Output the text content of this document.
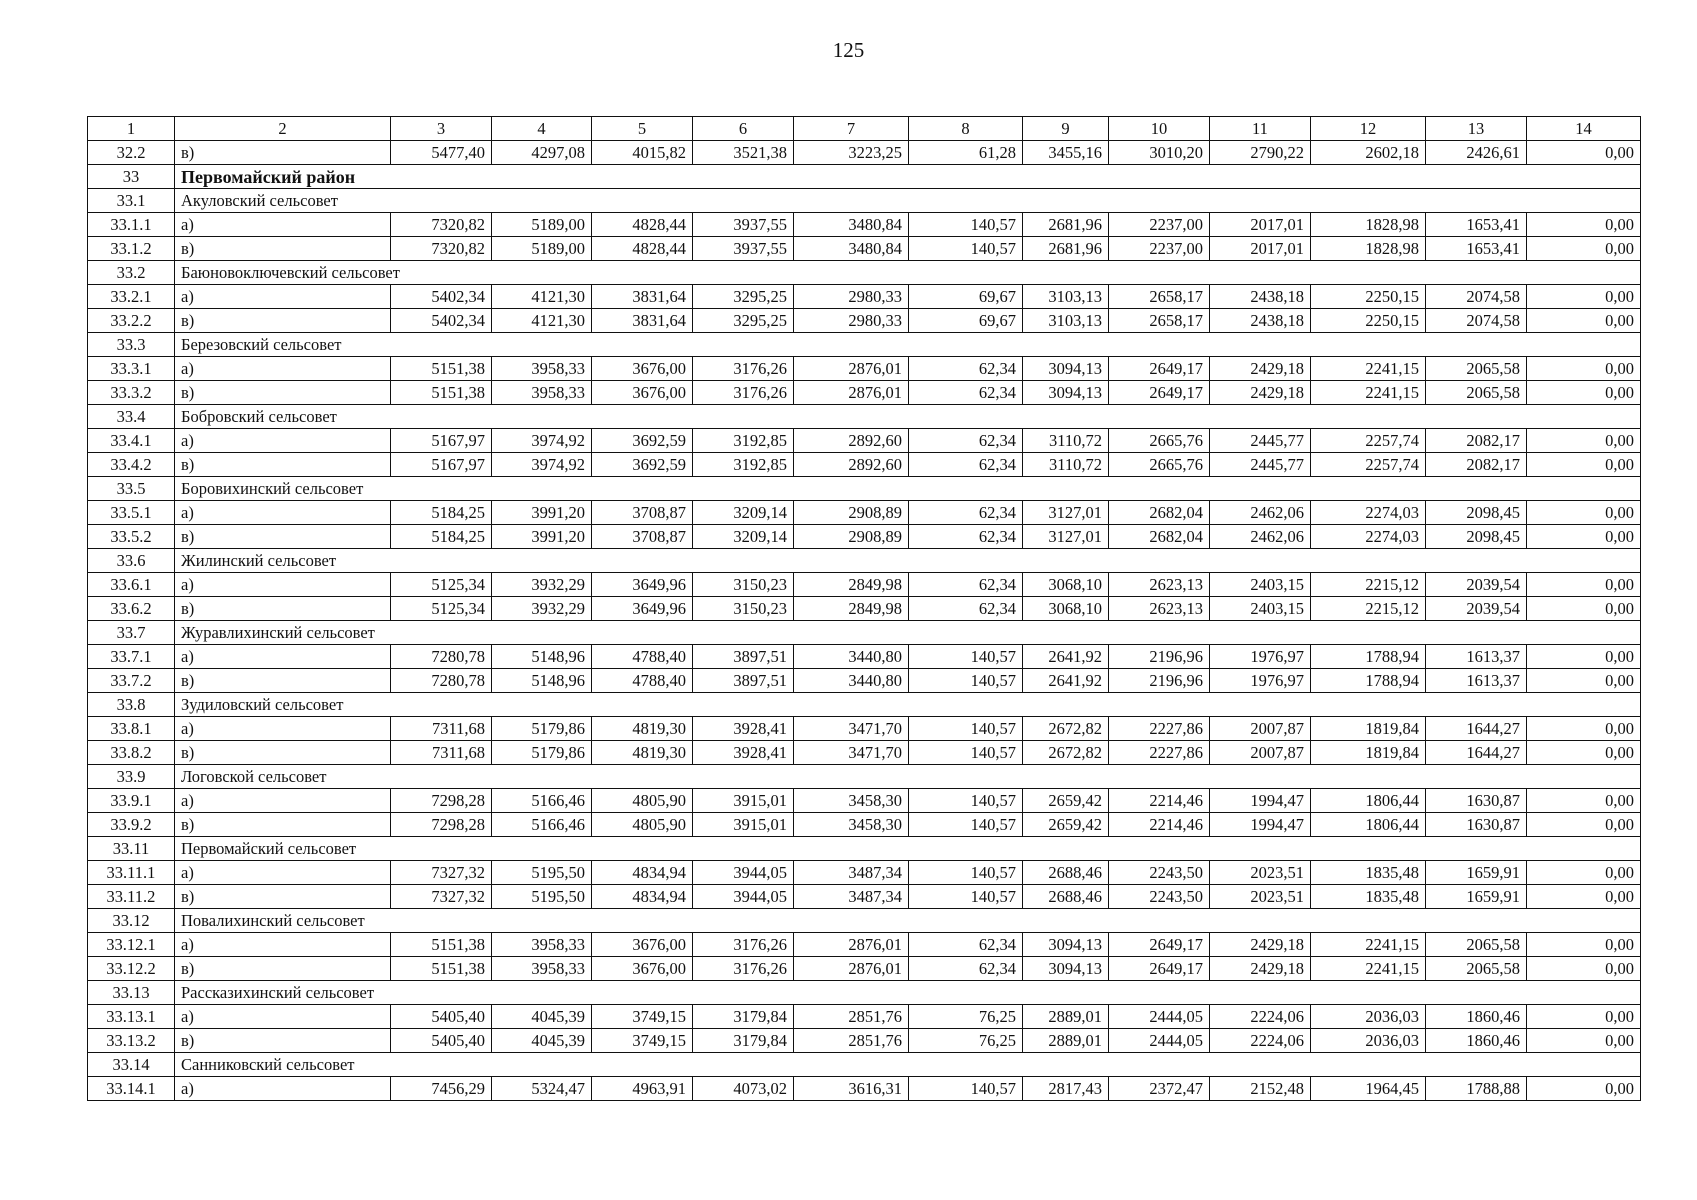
125
1	2	3	4	5	6	7	8	9	10	11	12	13	14
32.2	в)	5477,40	4297,08	4015,82	3521,38	3223,25	61,28	3455,16	3010,20	2790,22	2602,18	2426,61	0,00
33	Первомайский район												
33.1	Акуловский сельсовет												
33.1.1	а)	7320,82	5189,00	4828,44	3937,55	3480,84	140,57	2681,96	2237,00	2017,01	1828,98	1653,41	0,00
33.1.2	в)	7320,82	5189,00	4828,44	3937,55	3480,84	140,57	2681,96	2237,00	2017,01	1828,98	1653,41	0,00
33.2	Баюновоключевский сельсовет												
33.2.1	а)	5402,34	4121,30	3831,64	3295,25	2980,33	69,67	3103,13	2658,17	2438,18	2250,15	2074,58	0,00
33.2.2	в)	5402,34	4121,30	3831,64	3295,25	2980,33	69,67	3103,13	2658,17	2438,18	2250,15	2074,58	0,00
33.3	Березовский сельсовет												
33.3.1	а)	5151,38	3958,33	3676,00	3176,26	2876,01	62,34	3094,13	2649,17	2429,18	2241,15	2065,58	0,00
33.3.2	в)	5151,38	3958,33	3676,00	3176,26	2876,01	62,34	3094,13	2649,17	2429,18	2241,15	2065,58	0,00
33.4	Бобровский сельсовет												
33.4.1	а)	5167,97	3974,92	3692,59	3192,85	2892,60	62,34	3110,72	2665,76	2445,77	2257,74	2082,17	0,00
33.4.2	в)	5167,97	3974,92	3692,59	3192,85	2892,60	62,34	3110,72	2665,76	2445,77	2257,74	2082,17	0,00
33.5	Боровихинский сельсовет												
33.5.1	а)	5184,25	3991,20	3708,87	3209,14	2908,89	62,34	3127,01	2682,04	2462,06	2274,03	2098,45	0,00
33.5.2	в)	5184,25	3991,20	3708,87	3209,14	2908,89	62,34	3127,01	2682,04	2462,06	2274,03	2098,45	0,00
33.6	Жилинский сельсовет												
33.6.1	а)	5125,34	3932,29	3649,96	3150,23	2849,98	62,34	3068,10	2623,13	2403,15	2215,12	2039,54	0,00
33.6.2	в)	5125,34	3932,29	3649,96	3150,23	2849,98	62,34	3068,10	2623,13	2403,15	2215,12	2039,54	0,00
33.7	Журавлихинский сельсовет												
33.7.1	а)	7280,78	5148,96	4788,40	3897,51	3440,80	140,57	2641,92	2196,96	1976,97	1788,94	1613,37	0,00
33.7.2	в)	7280,78	5148,96	4788,40	3897,51	3440,80	140,57	2641,92	2196,96	1976,97	1788,94	1613,37	0,00
33.8	Зудиловский сельсовет												
33.8.1	а)	7311,68	5179,86	4819,30	3928,41	3471,70	140,57	2672,82	2227,86	2007,87	1819,84	1644,27	0,00
33.8.2	в)	7311,68	5179,86	4819,30	3928,41	3471,70	140,57	2672,82	2227,86	2007,87	1819,84	1644,27	0,00
33.9	Логовской сельсовет												
33.9.1	а)	7298,28	5166,46	4805,90	3915,01	3458,30	140,57	2659,42	2214,46	1994,47	1806,44	1630,87	0,00
33.9.2	в)	7298,28	5166,46	4805,90	3915,01	3458,30	140,57	2659,42	2214,46	1994,47	1806,44	1630,87	0,00
33.11	Первомайский сельсовет												
33.11.1	а)	7327,32	5195,50	4834,94	3944,05	3487,34	140,57	2688,46	2243,50	2023,51	1835,48	1659,91	0,00
33.11.2	в)	7327,32	5195,50	4834,94	3944,05	3487,34	140,57	2688,46	2243,50	2023,51	1835,48	1659,91	0,00
33.12	Повалихинский сельсовет												
33.12.1	а)	5151,38	3958,33	3676,00	3176,26	2876,01	62,34	3094,13	2649,17	2429,18	2241,15	2065,58	0,00
33.12.2	в)	5151,38	3958,33	3676,00	3176,26	2876,01	62,34	3094,13	2649,17	2429,18	2241,15	2065,58	0,00
33.13	Рассказихинский сельсовет												
33.13.1	а)	5405,40	4045,39	3749,15	3179,84	2851,76	76,25	2889,01	2444,05	2224,06	2036,03	1860,46	0,00
33.13.2	в)	5405,40	4045,39	3749,15	3179,84	2851,76	76,25	2889,01	2444,05	2224,06	2036,03	1860,46	0,00
33.14	Санниковский сельсовет												
33.14.1	а)	7456,29	5324,47	4963,91	4073,02	3616,31	140,57	2817,43	2372,47	2152,48	1964,45	1788,88	0,00
